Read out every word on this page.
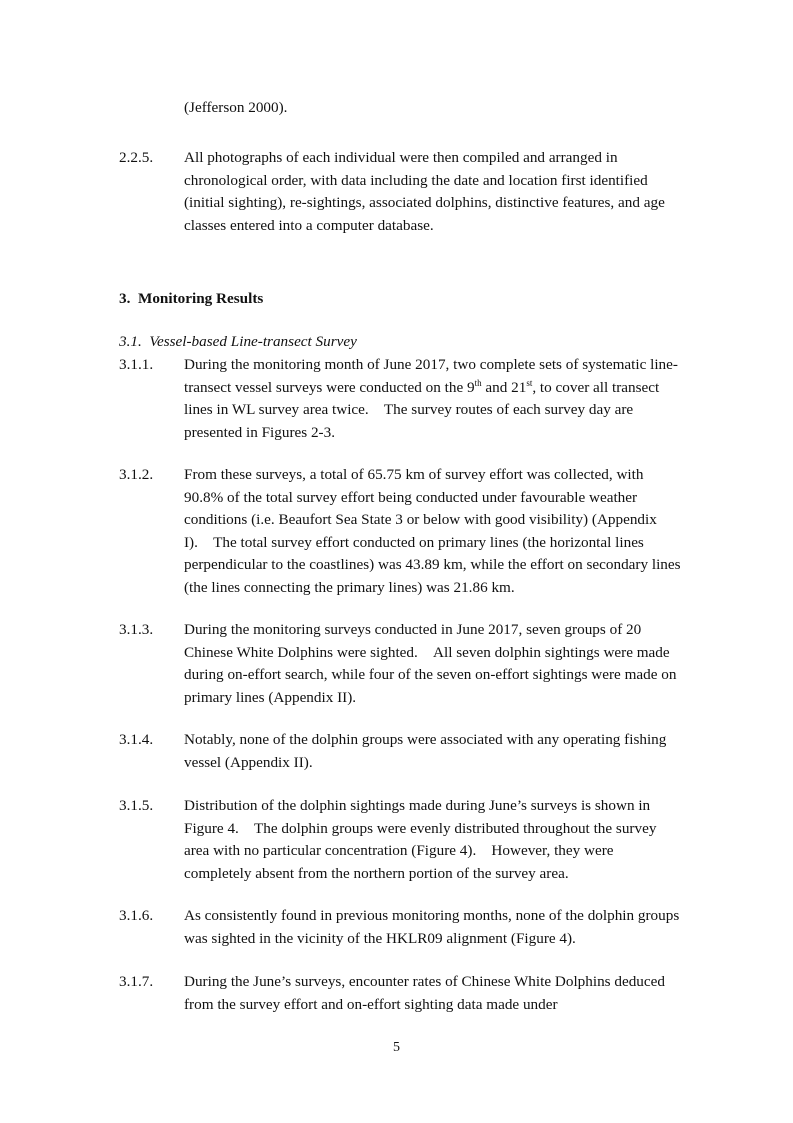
(Jefferson 2000).
2.2.5. All photographs of each individual were then compiled and arranged in chronological order, with data including the date and location first identified (initial sighting), re-sightings, associated dolphins, distinctive features, and age classes entered into a computer database.

3. Monitoring Results
3.1. Vessel-based Line-transect Survey
3.1.1. During the monitoring month of June 2017, two complete sets of systematic line-transect vessel surveys were conducted on the 9th and 21st, to cover all transect lines in WL survey area twice. The survey routes of each survey day are presented in Figures 2-3.

3.1.2. From these surveys, a total of 65.75 km of survey effort was collected, with 90.8% of the total survey effort being conducted under favourable weather conditions (i.e. Beaufort Sea State 3 or below with good visibility) (Appendix I). The total survey effort conducted on primary lines (the horizontal lines perpendicular to the coastlines) was 43.89 km, while the effort on secondary lines (the lines connecting the primary lines) was 21.86 km.

3.1.3. During the monitoring surveys conducted in June 2017, seven groups of 20 Chinese White Dolphins were sighted. All seven dolphin sightings were made during on-effort search, while four of the seven on-effort sightings were made on primary lines (Appendix II).

3.1.4. Notably, none of the dolphin groups were associated with any operating fishing vessel (Appendix II).

3.1.5. Distribution of the dolphin sightings made during June’s surveys is shown in Figure 4. The dolphin groups were evenly distributed throughout the survey area with no particular concentration (Figure 4). However, they were completely absent from the northern portion of the survey area.

3.1.6. As consistently found in previous monitoring months, none of the dolphin groups was sighted in the vicinity of the HKLR09 alignment (Figure 4).

3.1.7. During the June’s surveys, encounter rates of Chinese White Dolphins deduced from the survey effort and on-effort sighting data made under

5
